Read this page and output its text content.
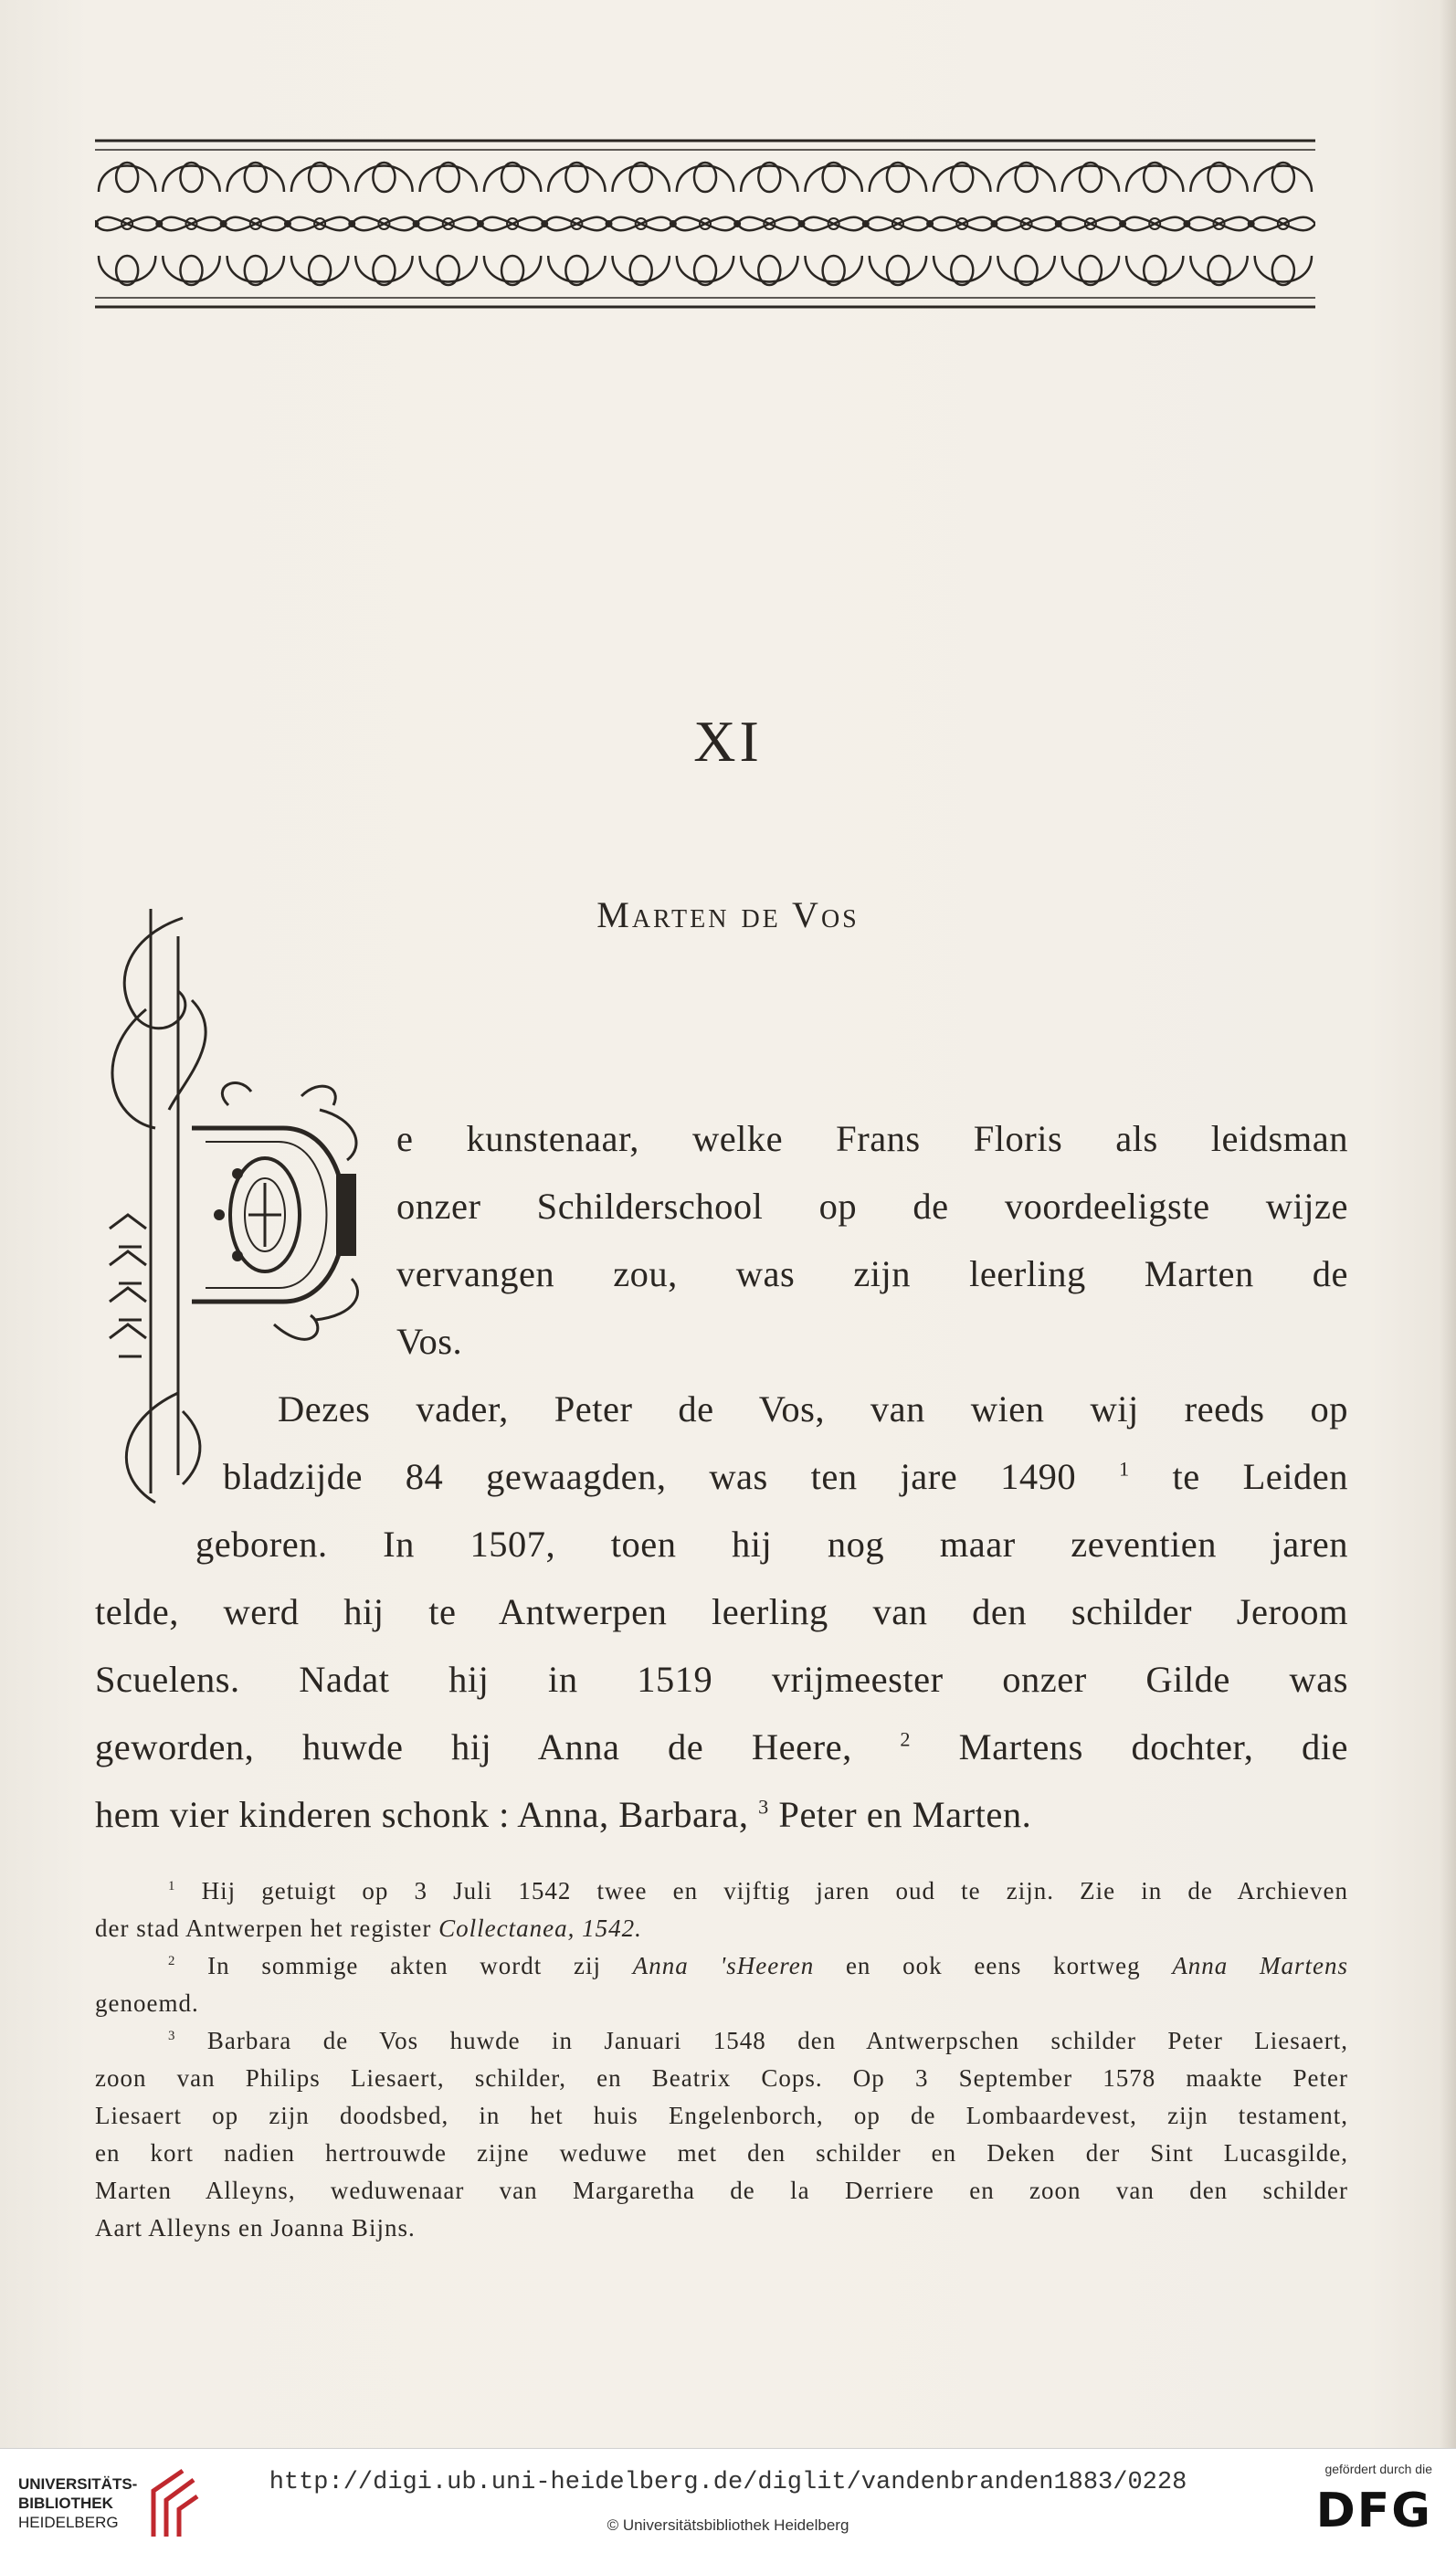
XI
Marten de Vos
e kunstenaar, welke Frans Floris als leidsman
onzer Schilderschool op de voordeeligste wijze
vervangen zou, was zijn leerling Marten de
Vos.
Dezes vader, Peter de Vos, van wien wij reeds op
bladzijde 84 gewaagden, was ten jare 1490 $^1$ te Leiden
geboren. In 1507, toen hij nog maar zeventien jaren
telde, werd hij te Antwerpen leerling van den schilder Jeroom
Scuelens. Nadat hij in 1519 vrijmeester onzer Gilde was
geworden, huwde hij Anna de Heere, $^2$ Martens dochter, die
hem vier kinderen schonk : Anna, Barbara, $^3$ Peter en Marten.
$^1$ Hij getuigt op 3 Juli 1542 twee en vijftig jaren oud te zijn. Zie in de Archieven
der stad Antwerpen het register Collectanea, 1542.
$^2$ In sommige akten wordt zij Anna 'sHeeren en ook eens kortweg Anna Martens
genoemd.
$^3$ Barbara de Vos huwde in Januari 1548 den Antwerpschen schilder Peter Liesaert,
zoon van Philips Liesaert, schilder, en Beatrix Cops. Op 3 September 1578 maakte Peter
Liesaert op zijn doodsbed, in het huis Engelenborch, op de Lombaardevest, zijn testament,
en kort nadien hertrouwde zijne weduwe met den schilder en Deken der Sint Lucasgilde,
Marten Alleyns, weduwenaar van Margaretha de la Derriere en zoon van den schilder
Aart Alleyns en Joanna Bijns.
UNIVERSITÄTS-
BIBLIOTHEK
HEIDELBERG
http://digi.ub.uni-heidelberg.de/diglit/vandenbranden1883/0228
© Universitätsbibliothek Heidelberg
gefördert durch die
DFG
